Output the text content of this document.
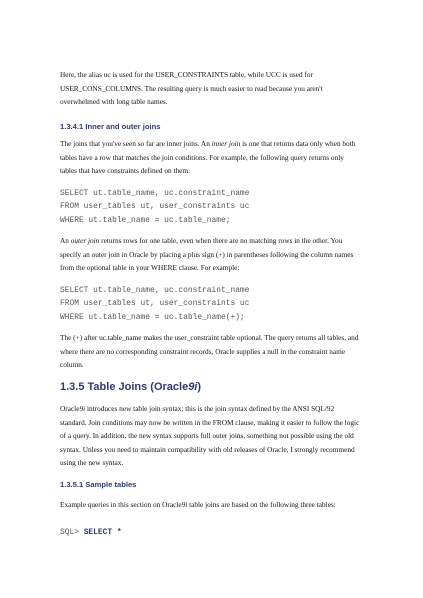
Here, the alias uc is used for the USER_CONSTRAINTS table, while UCC is used for USER_CONS_COLUMNS. The resulting query is much easier to read because you aren't overwhelmed with long table names.

1.3.4.1 Inner and outer joins

The joins that you've seen so far are inner joins. An inner join is one that returns data only when both tables have a row that matches the join conditions. For example, the following query returns only tables that have constraints defined on them:

SELECT ut.table_name, uc.constraint_name
FROM user_tables ut, user_constraints uc
WHERE ut.table_name = uc.table_name;

An outer join returns rows for one table, even when there are no matching rows in the other. You specify an outer join in Oracle by placing a plus sign (+) in parentheses following the column names from the optional table in your WHERE clause. For example:

SELECT ut.table_name, uc.constraint_name
FROM user_tables ut, user_constraints uc
WHERE ut.table_name = uc.table_name(+);

The (+) after uc.table_name makes the user_constraint table optional. The query returns all tables, and where there are no corresponding constraint records, Oracle supplies a null in the constraint name column.

1.3.5 Table Joins (Oracle9i)

Oracle9i introduces new table join syntax; this is the join syntax defined by the ANSI SQL/92 standard. Join conditions may now be written in the FROM clause, making it easier to follow the logic of a query. In addition, the new syntax supports full outer joins, something not possible using the old syntax. Unless you need to maintain compatibility with old releases of Oracle, I strongly recommend using the new syntax.

1.3.5.1 Sample tables

Example queries in this section on Oracle9i table joins are based on the following three tables:

SQL> SELECT *
